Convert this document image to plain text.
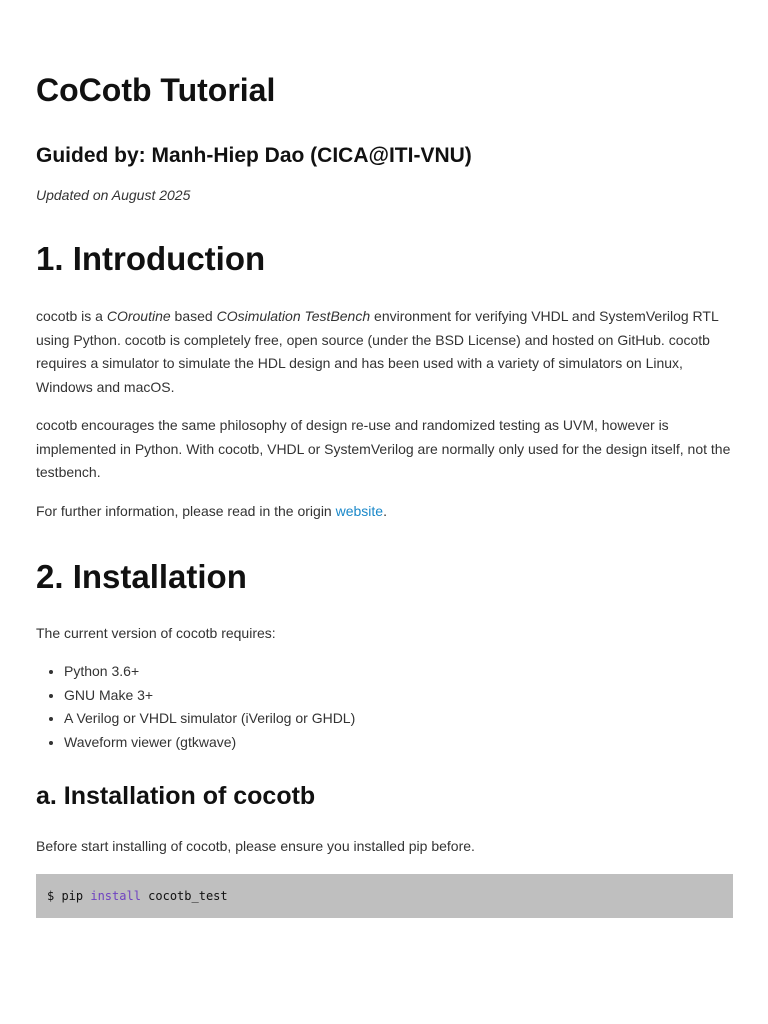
CoCotb Tutorial
Guided by: Manh-Hiep Dao (CICA@ITI-VNU)

Updated on August 2025

1. Introduction

cocotb is a COroutine based COsimulation TestBench environment for verifying VHDL and SystemVerilog RTL using Python. cocotb is completely free, open source (under the BSD License) and hosted on GitHub. cocotb requires a simulator to simulate the HDL design and has been used with a variety of simulators on Linux, Windows and macOS.

cocotb encourages the same philosophy of design re-use and randomized testing as UVM, however is implemented in Python. With cocotb, VHDL or SystemVerilog are normally only used for the design itself, not the testbench.

For further information, please read in the origin website.

2. Installation

The current version of cocotb requires:

• Python 3.6+
• GNU Make 3+
• A Verilog or VHDL simulator (iVerilog or GHDL)
• Waveform viewer (gtkwave)
a. Installation of cocotb

Before start installing of cocotb, please ensure you installed pip before.

$ pip install cocotb_test
